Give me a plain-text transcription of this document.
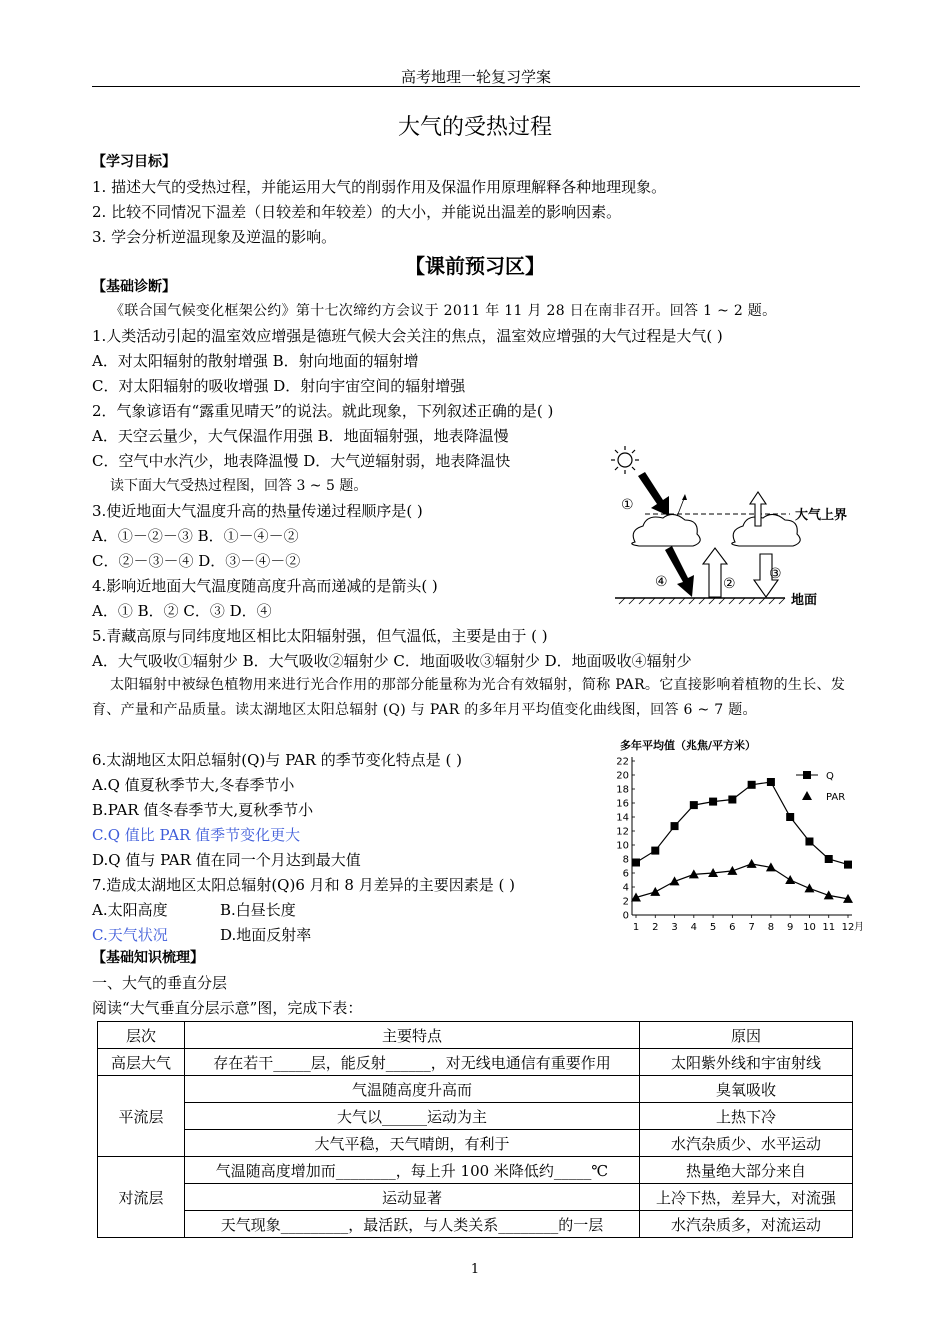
高考地理一轮复习学案
大气的受热过程
【学习目标】
1. 描述大气的受热过程，并能运用大气的削弱作用及保温作用原理解释各种地理现象。
2. 比较不同情况下温差（日较差和年较差）的大小，并能说出温差的影响因素。
3. 学会分析逆温现象及逆温的影响。
【课前预习区】
【基础诊断】
《联合国气候变化框架公约》第十七次缔约方会议于 2011 年 11 月 28 日在南非召开。回答 1 ~ 2 题。
1.人类活动引起的温室效应增强是德班气候大会关注的焦点，温室效应增强的大气过程是大气( )
A．对太阳辐射的散射增强 B．射向地面的辐射增
C．对太阳辐射的吸收增强 D．射向宇宙空间的辐射增强
2．气象谚语有“露重见晴天”的说法。就此现象，下列叙述正确的是( )
A．天空云量少，大气保温作用强 B．地面辐射强，地表降温慢
C．空气中水汽少，地表降温慢 D．大气逆辐射弱，地表降温快
读下面大气受热过程图，回答 3 ~ 5 题。
3.使近地面大气温度升高的热量传递过程顺序是( )
A．①－②－③ B．①－④－②
C．②－③－④ D．③－④－②
4.影响近地面大气温度随高度升高而递减的是箭头( )
A．① B．② C．③ D．④
5.青藏高原与同纬度地区相比太阳辐射强，但气温低，主要是由于 ( )
A．大气吸收①辐射少 B．大气吸收②辐射少 C．地面吸收③辐射少 D．地面吸收④辐射少
太阳辐射中被绿色植物用来进行光合作用的那部分能量称为光合有效辐射，简称 PAR。它直接影响着植物的生长、发育、产量和产品质量。读太湖地区太阳总辐射 (Q) 与 PAR 的多年月平均值变化曲线图，回答 6 ~ 7 题。
6.太湖地区太阳总辐射(Q)与 PAR 的季节变化特点是 ( )
A.Q 值夏秋季节大,冬春季节小
B.PAR 值冬春季节大,夏秋季节小
C.Q 值比 PAR 值季节变化更大
D.Q 值与 PAR 值在同一个月达到最大值
7.造成太湖地区太阳总辐射(Q)6 月和 8 月差异的主要因素是 ( )
A.太阳高度	B.白昼长度
C.天气状况	D.地面反射率
【基础知识梳理】
一、大气的垂直分层
阅读“大气垂直分层示意”图，完成下表：
大气上界
①
④	②
③
地面
多年平均值（兆焦/平方米）
0
2
4
6
8
10
12
14
16
18
20
22
1 2 3 4 5 6 7 8 9 10 11 12 月
Q
PAR
层次	主要特点	原因
高层大气	存在若干_____层，能反射______，对无线电通信有重要作用	太阳紫外线和宇宙射线
平流层	气温随高度升高而	臭氧吸收
	大气以______运动为主	上热下冷
	大气平稳，天气晴朗，有利于	水汽杂质少、水平运动
对流层	气温随高度增加而________，每上升 100 米降低约_____℃	热量绝大部分来自
	运动显著	上冷下热，差异大，对流强
	天气现象_________，最活跃，与人类关系________的一层	水汽杂质多，对流运动
1
